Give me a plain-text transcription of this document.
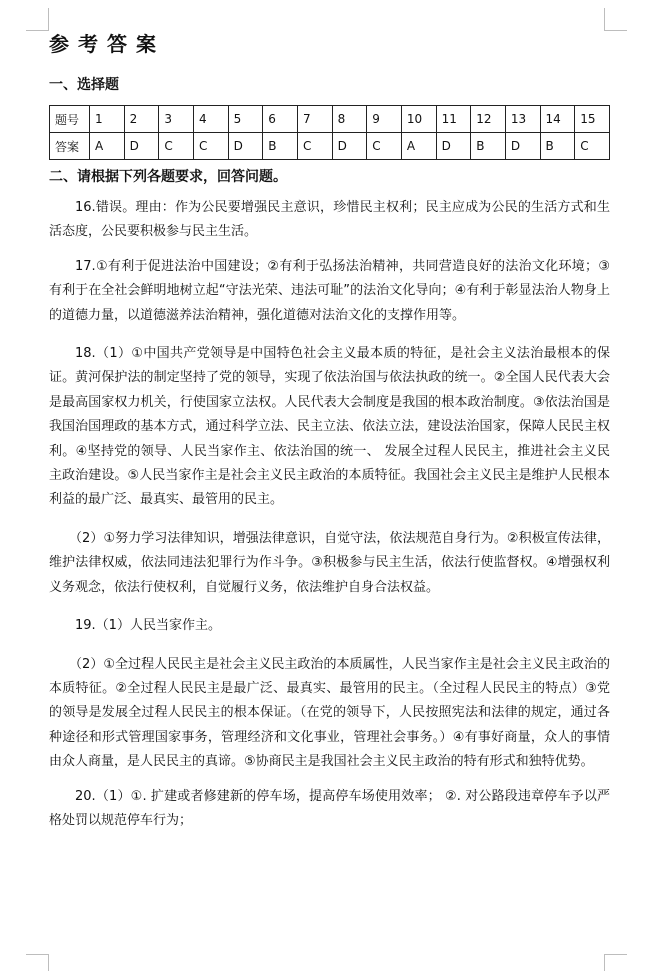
参考答案
一、选择题
题号	1	2	3	4	5	6	7	8	9	10	11	12	13	14	15
答案	A	D	C	C	D	B	C	D	C	A	D	B	D	B	C
二、请根据下列各题要求，回答问题。

16.错误。理由：作为公民要增强民主意识，珍惜民主权利；民主应成为公民的生活方式和生活态度，公民要积极参与民主生活。

17.①有利于促进法治中国建设；②有利于弘扬法治精神，共同营造良好的法治文化环境；③有利于在全社会鲜明地树立起“守法光荣、违法可耻”的法治文化导向；④有利于彰显法治人物身上的道德力量，以道德滋养法治精神，强化道德对法治文化的支撑作用等。

18.（1）①中国共产党领导是中国特色社会主义最本质的特征，是社会主义法治最根本的保证。黄河保护法的制定坚持了党的领导，实现了依法治国与依法执政的统一。②全国人民代表大会是最高国家权力机关，行使国家立法权。人民代表大会制度是我国的根本政治制度。③依法治国是我国治国理政的基本方式，通过科学立法、民主立法、依法立法，建设法治国家，保障人民民主权利。④坚持党的领导、人民当家作主、依法治国的统一、 发展全过程人民民主，推进社会主义民主政治建设。⑤人民当家作主是社会主义民主政治的本质特征。我国社会主义民主是维护人民根本利益的最广泛、最真实、最管用的民主。

（2）①努力学习法律知识，增强法律意识，自觉守法，依法规范自身行为。②积极宣传法律，维护法律权威，依法同违法犯罪行为作斗争。③积极参与民主生活，依法行使监督权。④增强权利义务观念，依法行使权利，自觉履行义务，依法维护自身合法权益。

19.（1）人民当家作主。

（2）①全过程人民民主是社会主义民主政治的本质属性，人民当家作主是社会主义民主政治的本质特征。②全过程人民民主是最广泛、最真实、最管用的民主。（全过程人民民主的特点）③党的领导是发展全过程人民民主的根本保证。（在党的领导下，人民按照宪法和法律的规定，通过各种途径和形式管理国家事务，管理经济和文化事业，管理社会事务。）④有事好商量，众人的事情由众人商量，是人民民主的真谛。⑤协商民主是我国社会主义民主政治的特有形式和独特优势。

20.（1）①. 扩建或者修建新的停车场，提高停车场使用效率； ②. 对公路段违章停车予以严格处罚以规范停车行为；
